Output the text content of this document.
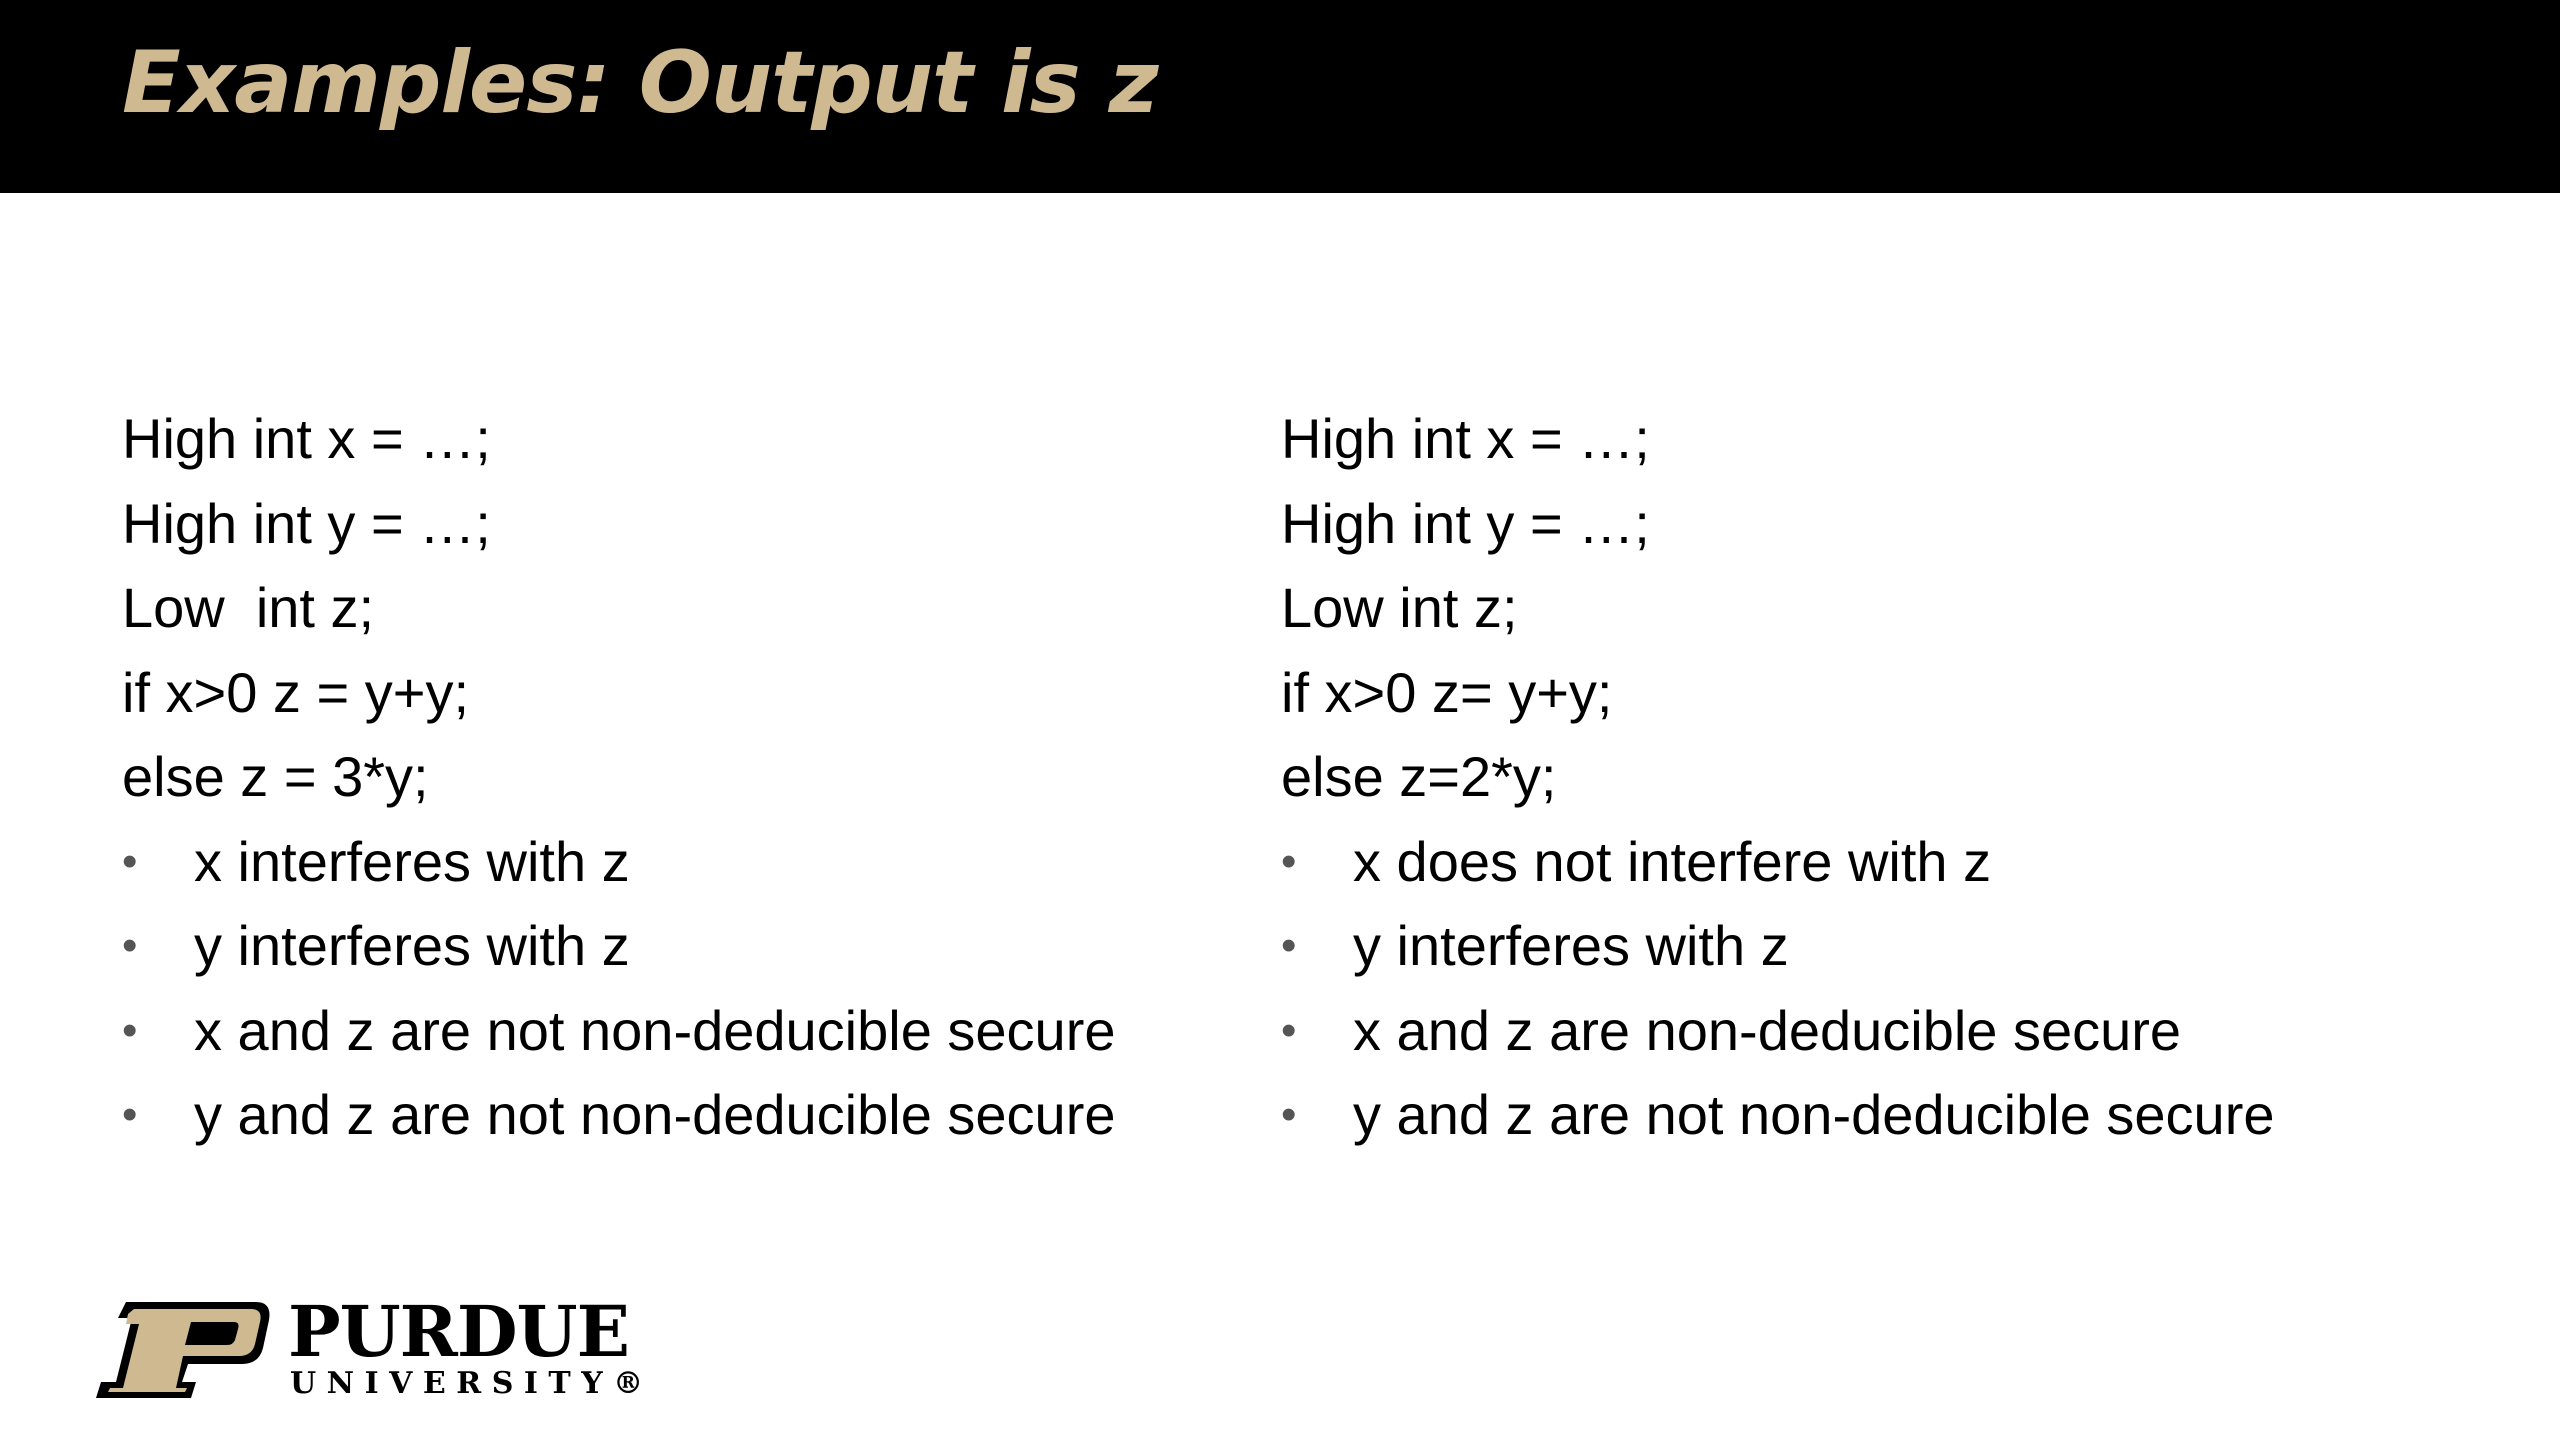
Examples: Output is z
High int x = …;
High int y = …;
Low  int z;
if x>0 z = y+y;
else z = 3*y;
• x interferes with z
• y interferes with z
• x and z are not non-deducible secure
• y and z are not non-deducible secure
High int x = …;
High int y = …;
Low int z;
if x>0 z= y+y;
else z=2*y;
• x does not interfere with z
• y interferes with z
• x and z are non-deducible secure
• y and z are not non-deducible secure
PURDUE
UNIVERSITY®
